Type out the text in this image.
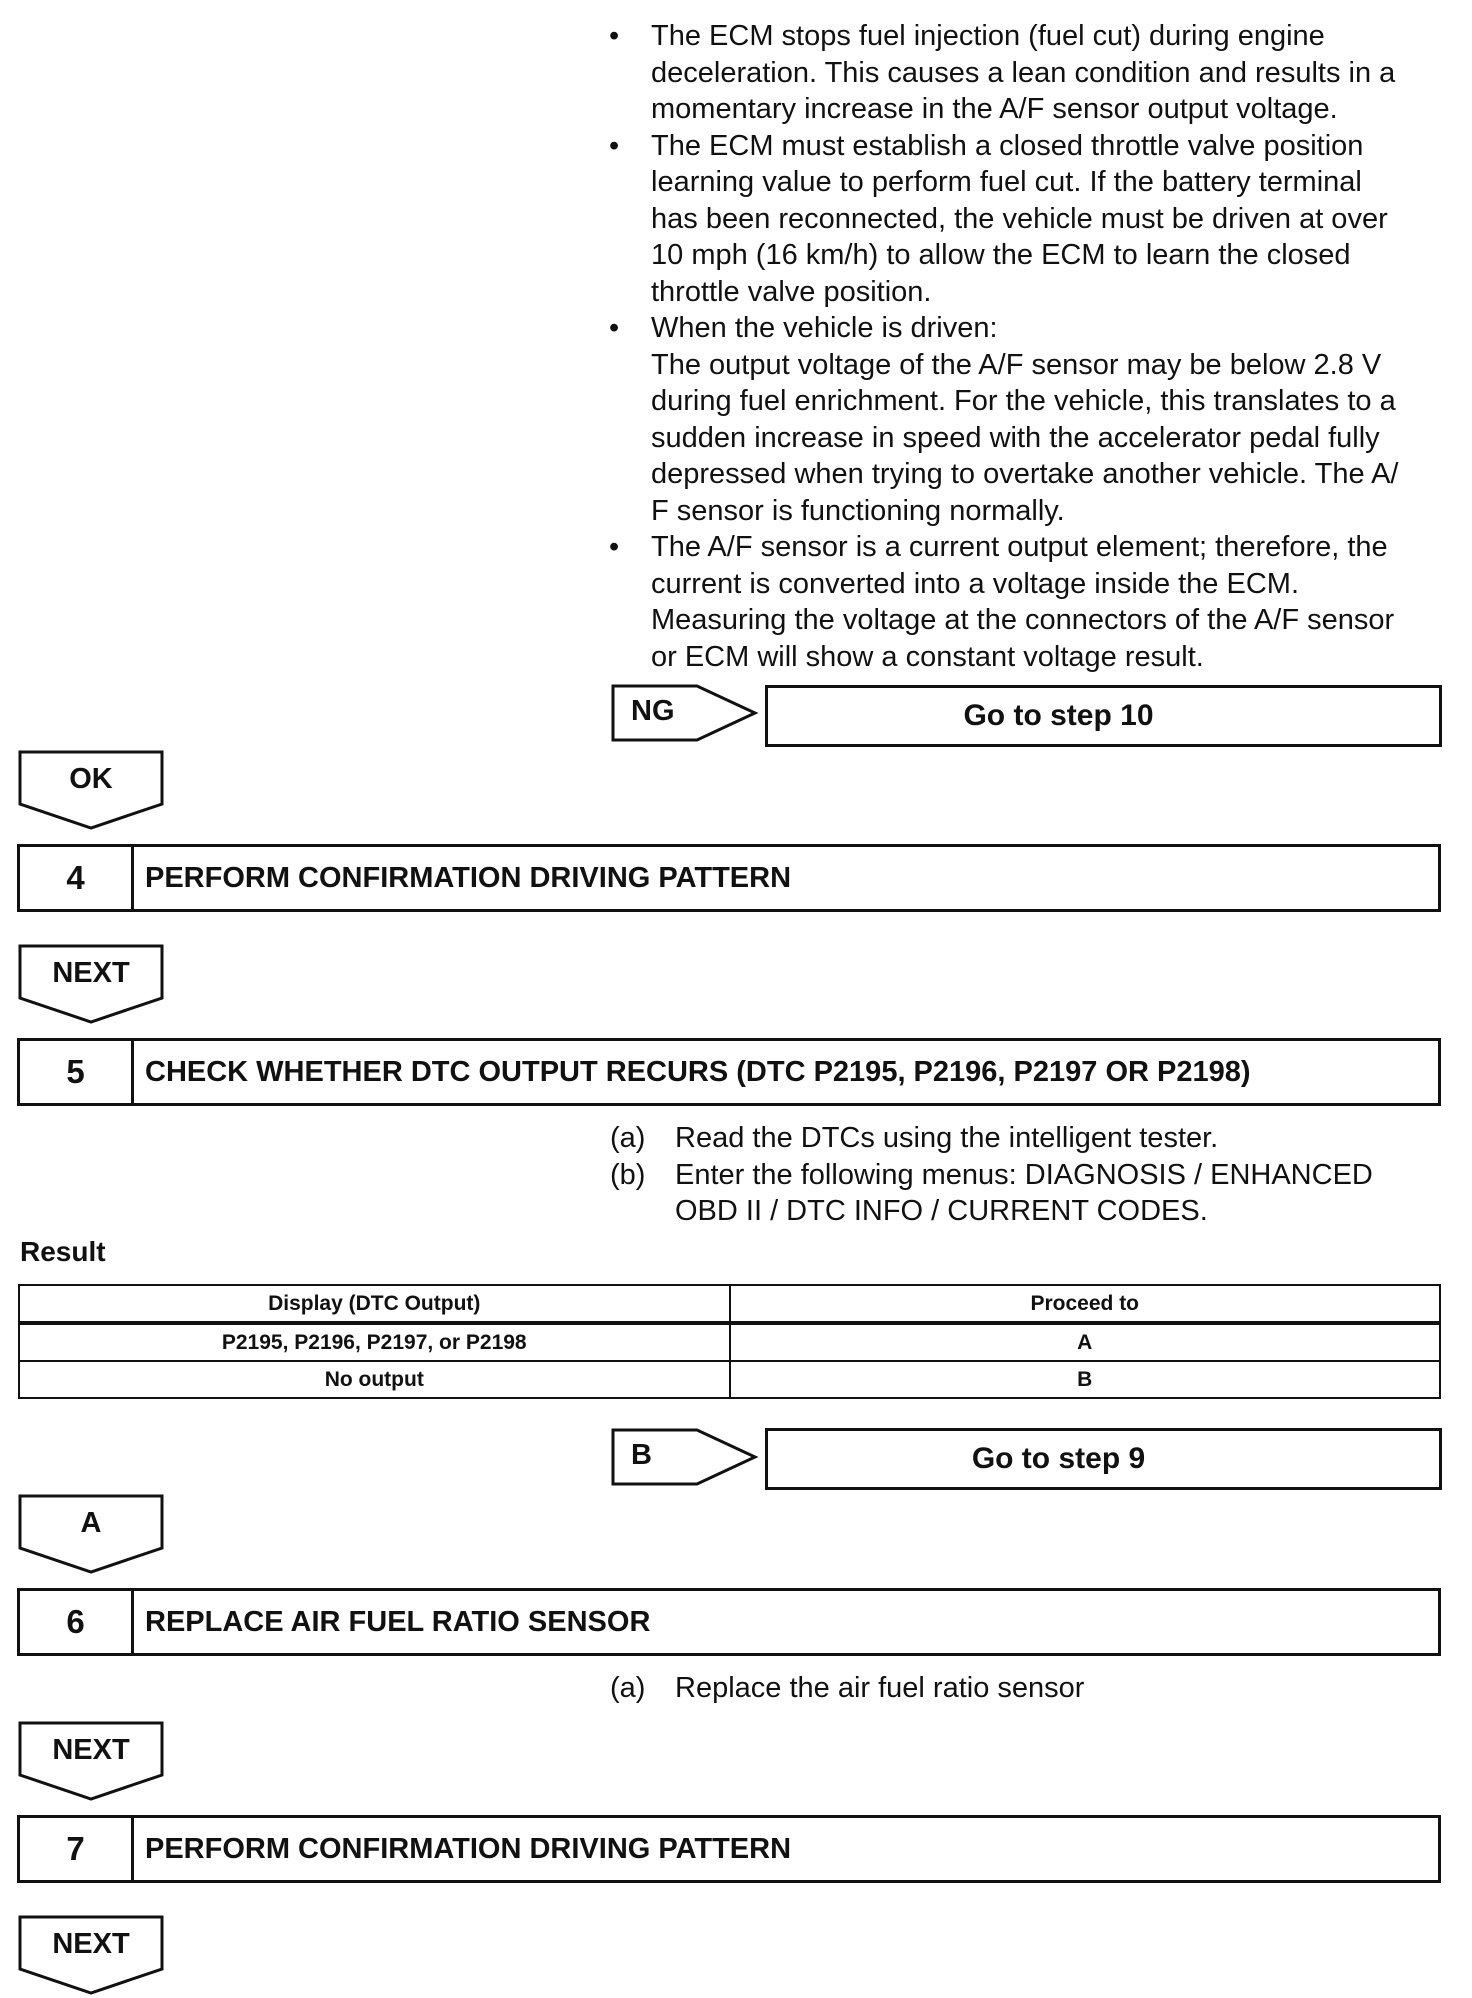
• The ECM stops fuel injection (fuel cut) during engine
deceleration. This causes a lean condition and results in a
momentary increase in the A/F sensor output voltage.
• The ECM must establish a closed throttle valve position
learning value to perform fuel cut. If the battery terminal
has been reconnected, the vehicle must be driven at over
10 mph (16 km/h) to allow the ECM to learn the closed
throttle valve position.
• When the vehicle is driven:
The output voltage of the A/F sensor may be below 2.8 V
during fuel enrichment. For the vehicle, this translates to a
sudden increase in speed with the accelerator pedal fully
depressed when trying to overtake another vehicle. The A/
F sensor is functioning normally.
• The A/F sensor is a current output element; therefore, the
current is converted into a voltage inside the ECM.
Measuring the voltage at the connectors of the A/F sensor
or ECM will show a constant voltage result.
NG	Go to step 10
OK
4	PERFORM CONFIRMATION DRIVING PATTERN
NEXT
5	CHECK WHETHER DTC OUTPUT RECURS (DTC P2195, P2196, P2197 OR P2198)
(a) Read the DTCs using the intelligent tester.
(b) Enter the following menus: DIAGNOSIS / ENHANCED
OBD II / DTC INFO / CURRENT CODES.
Result
Display (DTC Output)	Proceed to
P2195, P2196, P2197, or P2198	A
No output	B
B	Go to step 9
A
6	REPLACE AIR FUEL RATIO SENSOR
(a) Replace the air fuel ratio sensor
NEXT
7	PERFORM CONFIRMATION DRIVING PATTERN
NEXT
